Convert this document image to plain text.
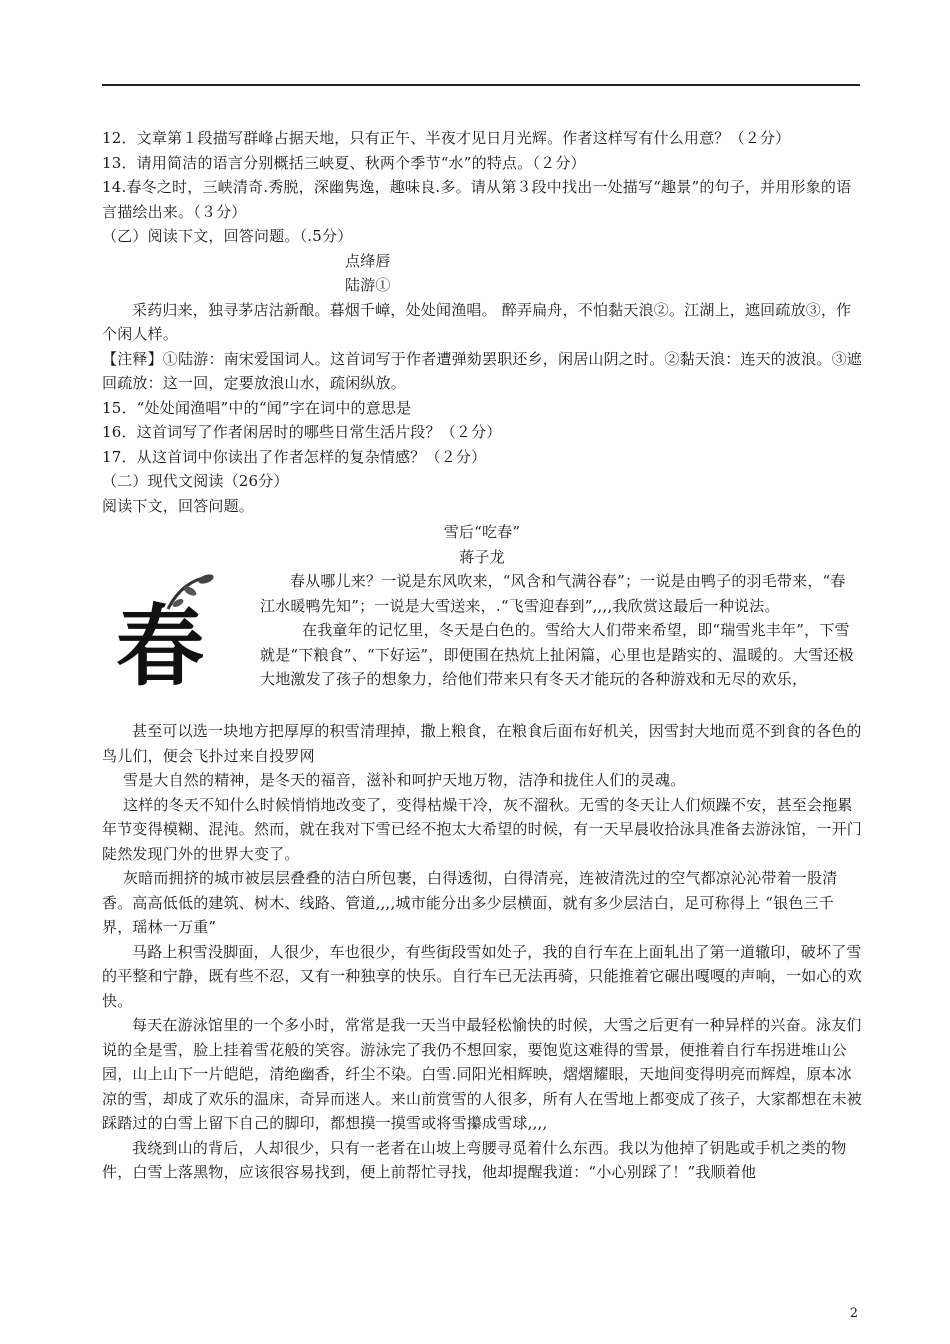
12．文章第１段描写群峰占据天地，只有正午、半夜才见日月光辉。作者这样写有什么用意？（２分）

13．请用简洁的语言分别概括三峡夏、秋两个季节“水”的特点。（２分）

14.春冬之时，三峡清奇.秀脱，深幽隽逸，趣味良.多。请从第３段中找出一处描写“趣景”的句子，并用形象的语言描绘出来。（３分）

（乙）阅读下文，回答问题。（.5分）

点绛唇

陆游①

采药归来，独寻茅店沽新酿。暮烟千嶂，处处闻渔唱。 醉弄扁舟，不怕黏天浪②。江湖上，遮回疏放③，作个闲人样。

【注释】①陆游：南宋爱国词人。这首词写于作者遭弹劾罢职还乡，闲居山阴之时。②黏天浪：连天的波浪。③遮回疏放：这一回，定要放浪山水，疏闲纵放。

15．“处处闻渔唱”中的“闻”字在词中的意思是

16．这首词写了作者闲居时的哪些日常生活片段？（２分）

17．从这首词中你读出了作者怎样的复杂情感？（２分）

（二）现代文阅读（26分）

阅读下文，回答问题。

雪后“吃春”

蒋子龙

春

春从哪儿来？一说是东风吹来，“风含和气满谷春”；一说是由鸭子的羽毛带来，“春江水暖鸭先知”；一说是大雪送来，.“飞雪迎春到”,,,,我欣赏这最后一种说法。

在我童年的记忆里，冬天是白色的。雪给大人们带来希望，即“瑞雪兆丰年”，下雪就是“下粮食”、“下好运”，即便围在热炕上扯闲篇，心里也是踏实的、温暖的。大雪还极大地激发了孩子的想象力，给他们带来只有冬天才能玩的各种游戏和无尽的欢乐，

甚至可以选一块地方把厚厚的积雪清理掉，撒上粮食，在粮食后面布好机关，因雪封大地而觅不到食的各色的鸟儿们，便会飞扑过来自投罗网

雪是大自然的精神，是冬天的福音，滋补和呵护天地万物，洁净和拢住人们的灵魂。

这样的冬天不知什么时候悄悄地改变了，变得枯燥干冷，灰不溜秋。无雪的冬天让人们烦躁不安，甚至会拖累年节变得模糊、混沌。然而，就在我对下雪已经不抱太大希望的时候，有一天早晨收拾泳具准备去游泳馆，一开门陡然发现门外的世界大变了。

灰暗而拥挤的城市被层层叠叠的洁白所包裹，白得透彻，白得清亮，连被清洗过的空气都凉沁沁带着一股清香。高高低低的建筑、树木、线路、管道,,,,城市能分出多少层横面，就有多少层洁白，足可称得上 “银色三千界，瑶林一万重”

马路上积雪没脚面，人很少，车也很少，有些街段雪如处子，我的自行车在上面轧出了第一道辙印，破坏了雪的平整和宁静，既有些不忍，又有一种独享的快乐。自行车已无法再骑，只能推着它碾出嘎嘎的声响，一如心的欢快。

每天在游泳馆里的一个多小时，常常是我一天当中最轻松愉快的时候，大雪之后更有一种异样的兴奋。泳友们说的全是雪，脸上挂着雪花般的笑容。游泳完了我仍不想回家，要饱览这难得的雪景，便推着自行车拐进堆山公园，山上山下一片皑皑，清绝幽香，纤尘不染。白雪.同阳光相辉映，熠熠耀眼，天地间变得明亮而辉煌，原本冰凉的雪，却成了欢乐的温床，奇异而迷人。来山前赏雪的人很多，所有人在雪地上都变成了孩子，大家都想在未被踩踏过的白雪上留下自己的脚印，都想摸一摸雪或将雪攥成雪球,,,,

我绕到山的背后，人却很少，只有一老者在山坡上弯腰寻觅着什么东西。我以为他掉了钥匙或手机之类的物件，白雪上落黑物，应该很容易找到，便上前帮忙寻找，他却提醒我道：“小心别踩了！”我顺着他

2
